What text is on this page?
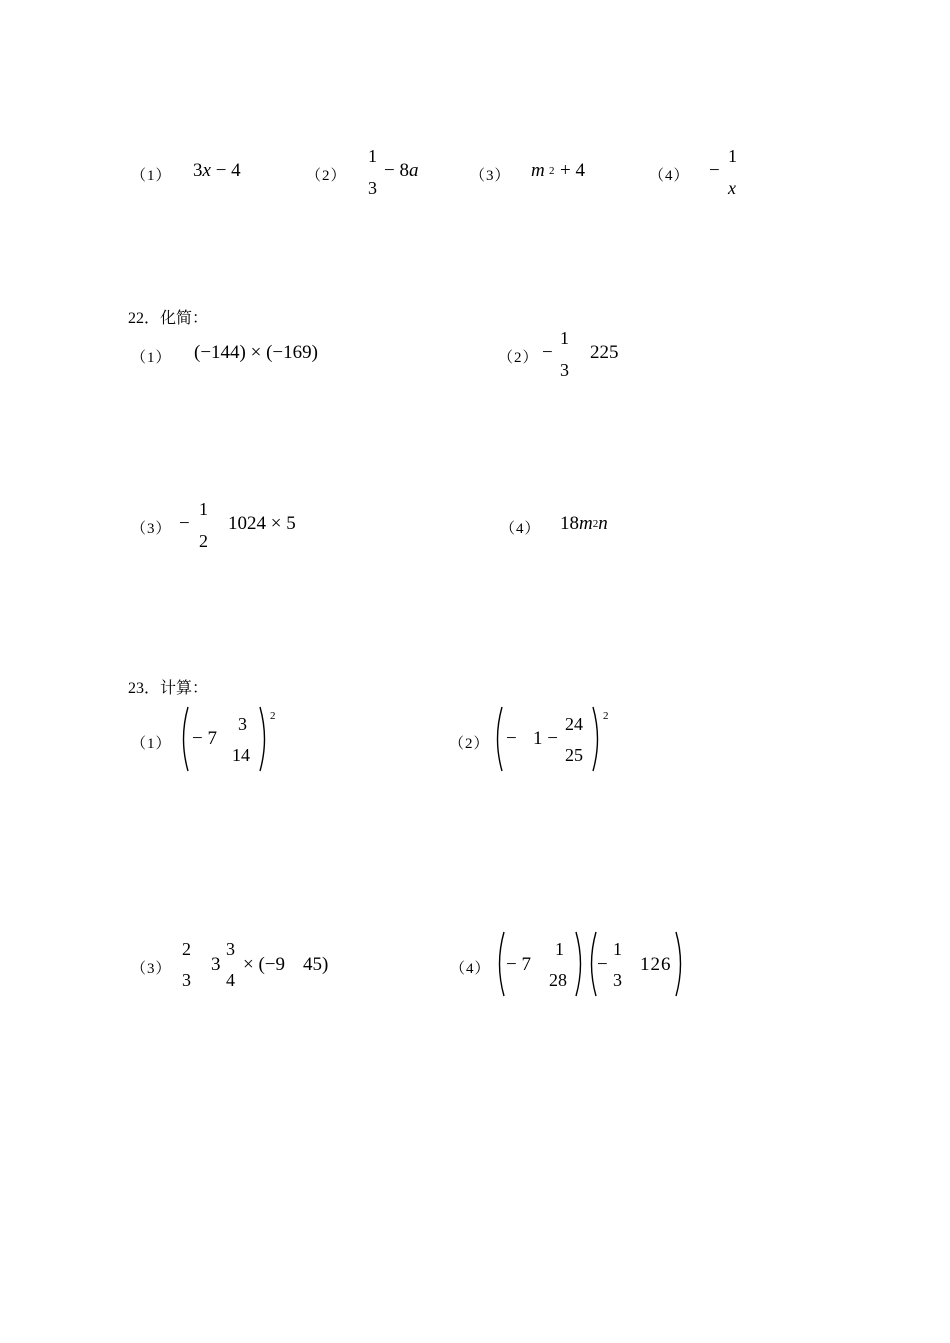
（1） 3x − 4	（2）
1
3
− 8a	（3） m 2 + 4	（4） −
1
x
22．化简：
（1） (−144) × (−169)	（2） −
1
3
225
（3） −
1
2
1024 × 5	（4） 18m2n
23．计算：
（1） − 7
3
14
2
（2） − 1 −
24
25
2
（3）
2
3
3
3
4
× (−9 45)	（4） − 7
1
28
−
1
3
126
